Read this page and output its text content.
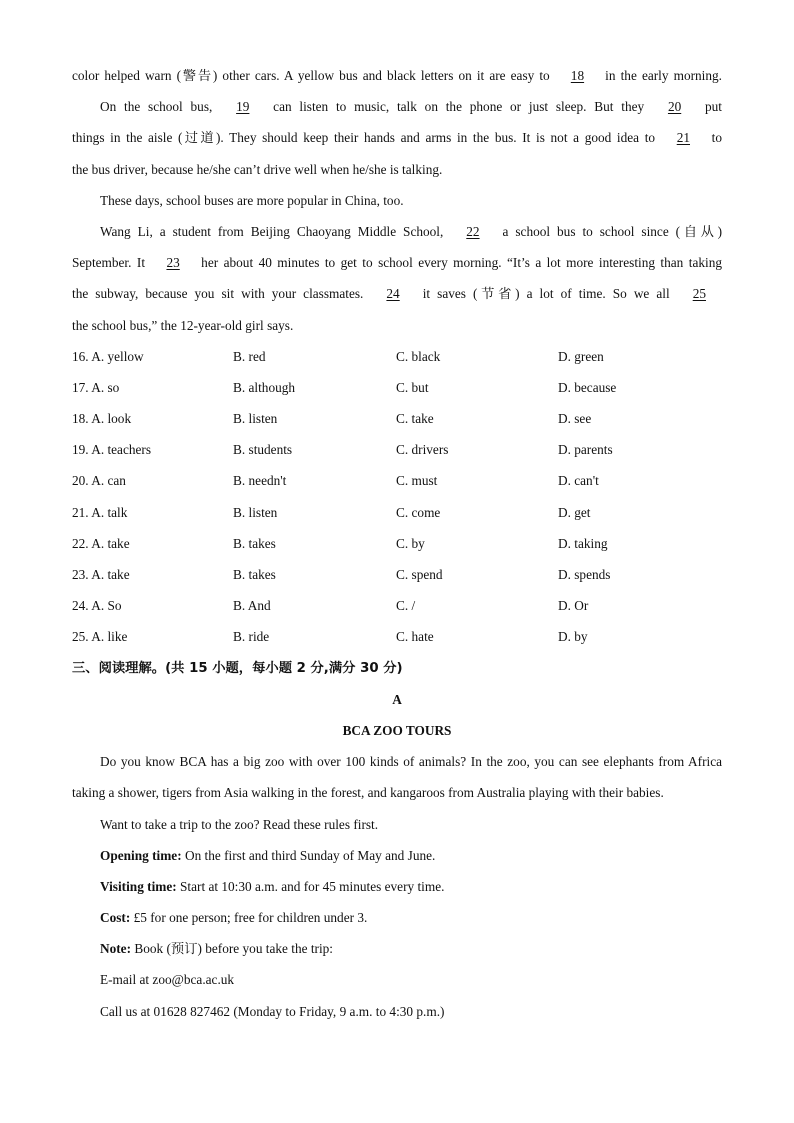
color helped warn (警告) other cars. A yellow bus and black letters on it are easy to 18 in the early morning.
On the school bus, 19 can listen to music, talk on the phone or just sleep. But they 20 put
things in the aisle (过道). They should keep their hands and arms in the bus. It is not a good idea to 21 to
the bus driver, because he/she can’t drive well when he/she is talking.
These days, school buses are more popular in China, too.
Wang Li, a student from Beijing Chaoyang Middle School, 22 a school bus to school since (自从)
September. It 23 her about 40 minutes to get to school every morning. “It’s a lot more interesting than taking
the subway, because you sit with your classmates. 24 it saves (节省) a lot of time. So we all 25
the school bus,” the 12-year-old girl says.
16. A. yellow	B. red	C. black	D. green
17. A. so	B. although	C. but	D. because
18. A. look	B. listen	C. take	D. see
19. A. teachers	B. students	C. drivers	D. parents
20. A. can	B. needn't	C. must	D. can't
21. A. talk	B. listen	C. come	D. get
22. A. take	B. takes	C. by	D. taking
23. A. take	B. takes	C. spend	D. spends
24. A. So	B. And	C. /	D. Or
25. A. like	B. ride	C. hate	D. by
三、阅读理解。(共 15 小题，每小题 2 分,满分 30 分)
A
BCA ZOO TOURS
Do you know BCA has a big zoo with over 100 kinds of animals? In the zoo, you can see elephants from Africa
taking a shower, tigers from Asia walking in the forest, and kangaroos from Australia playing with their babies.
Want to take a trip to the zoo? Read these rules first.
Opening time: On the first and third Sunday of May and June.
Visiting time: Start at 10:30 a.m. and for 45 minutes every time.
Cost: £5 for one person; free for children under 3.
Note: Book (预订) before you take the trip:
E-mail at zoo@bca.ac.uk
Call us at 01628 827462 (Monday to Friday, 9 a.m. to 4:30 p.m.)
